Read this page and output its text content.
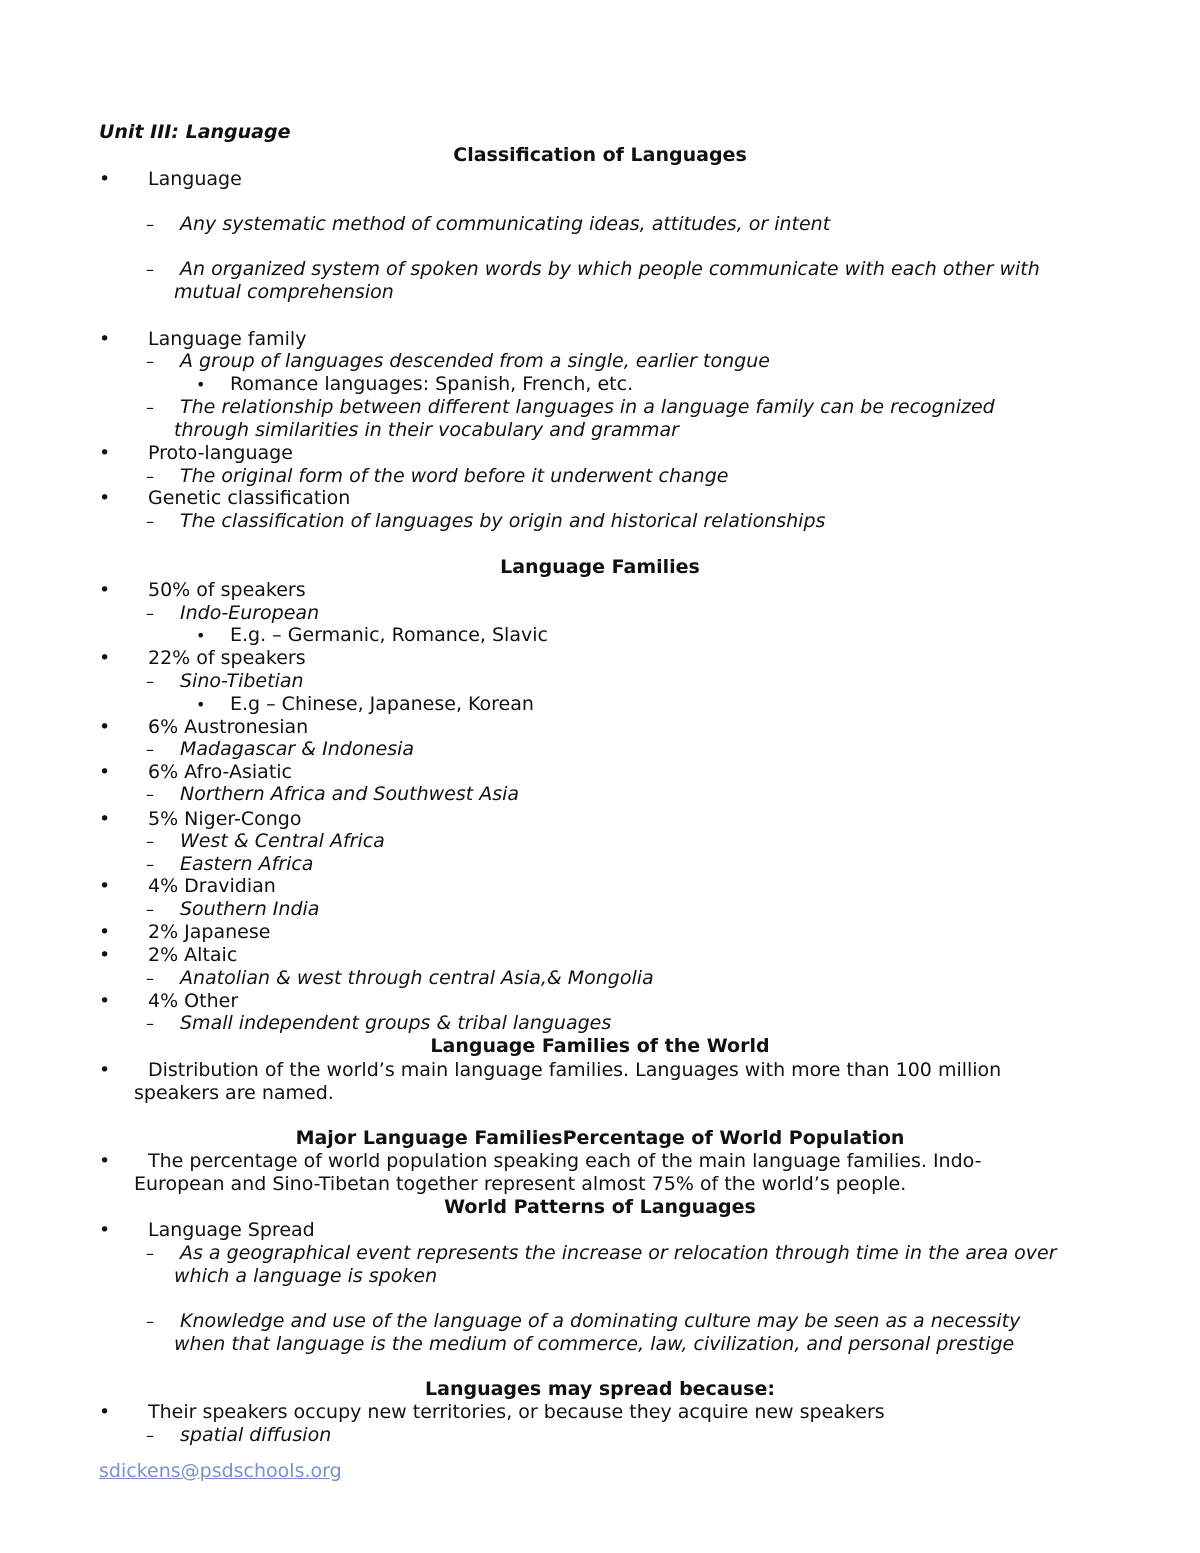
Unit III: Language
Classification of Languages
• Language
– Any systematic method of communicating ideas, attitudes, or intent
– An organized system of spoken words by which people communicate with each other with
mutual comprehension
• Language family
– A group of languages descended from a single, earlier tongue
• Romance languages: Spanish, French, etc.
– The relationship between different languages in a language family can be recognized
through similarities in their vocabulary and grammar
• Proto-language
– The original form of the word before it underwent change
• Genetic classification
– The classification of languages by origin and historical relationships
Language Families
• 50% of speakers
– Indo-European
• E.g. – Germanic, Romance, Slavic
• 22% of speakers
– Sino-Tibetian
• E.g – Chinese, Japanese, Korean
• 6% Austronesian
– Madagascar & Indonesia
• 6% Afro-Asiatic
– Northern Africa and Southwest Asia
• 5% Niger-Congo
– West & Central Africa
– Eastern Africa
• 4% Dravidian
– Southern India
• 2% Japanese
• 2% Altaic
– Anatolian & west through central Asia,& Mongolia
• 4% Other
– Small independent groups & tribal languages
Language Families of the World
• Distribution of the world’s main language families. Languages with more than 100 million
speakers are named.
Major Language FamiliesPercentage of World Population
• The percentage of world population speaking each of the main language families. Indo-
European and Sino-Tibetan together represent almost 75% of the world’s people.
World Patterns of Languages
• Language Spread
– As a geographical event represents the increase or relocation through time in the area over
which a language is spoken
– Knowledge and use of the language of a dominating culture may be seen as a necessity
when that language is the medium of commerce, law, civilization, and personal prestige
Languages may spread because:
• Their speakers occupy new territories, or because they acquire new speakers
– spatial diffusion
sdickens@psdschools.org
